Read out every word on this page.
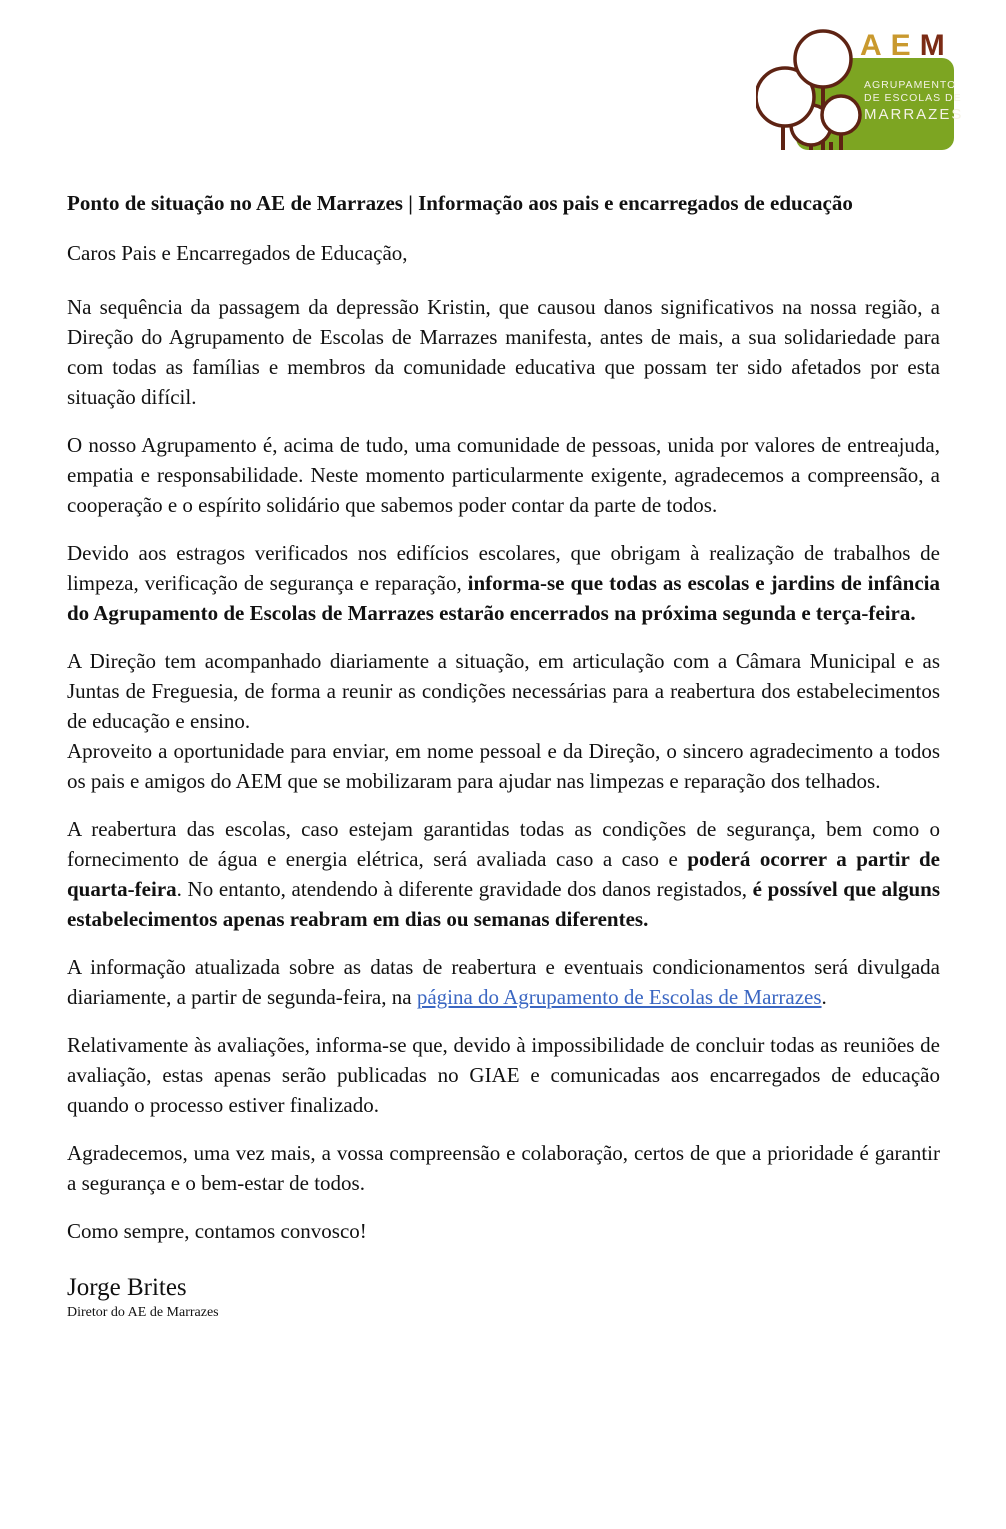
AEM
AGRUPAMENTO
DE ESCOLAS DE
MARRAZES

Ponto de situação no AE de Marrazes | Informação aos pais e encarregados de educação

Caros Pais e Encarregados de Educação,

Na sequência da passagem da depressão Kristin, que causou danos significativos na nossa região, a Direção do Agrupamento de Escolas de Marrazes manifesta, antes de mais, a sua solidariedade para com todas as famílias e membros da comunidade educativa que possam ter sido afetados por esta situação difícil.

O nosso Agrupamento é, acima de tudo, uma comunidade de pessoas, unida por valores de entreajuda, empatia e responsabilidade. Neste momento particularmente exigente, agradecemos a compreensão, a cooperação e o espírito solidário que sabemos poder contar da parte de todos.

Devido aos estragos verificados nos edifícios escolares, que obrigam à realização de trabalhos de limpeza, verificação de segurança e reparação, informa-se que todas as escolas e jardins de infância do Agrupamento de Escolas de Marrazes estarão encerrados na próxima segunda e terça-feira.

A Direção tem acompanhado diariamente a situação, em articulação com a Câmara Municipal e as Juntas de Freguesia, de forma a reunir as condições necessárias para a reabertura dos estabelecimentos de educação e ensino.

Aproveito a oportunidade para enviar, em nome pessoal e da Direção, o sincero agradecimento a todos os pais e amigos do AEM que se mobilizaram para ajudar nas limpezas e reparação dos telhados.

A reabertura das escolas, caso estejam garantidas todas as condições de segurança, bem como o fornecimento de água e energia elétrica, será avaliada caso a caso e poderá ocorrer a partir de quarta-feira. No entanto, atendendo à diferente gravidade dos danos registados, é possível que alguns estabelecimentos apenas reabram em dias ou semanas diferentes.

A informação atualizada sobre as datas de reabertura e eventuais condicionamentos será divulgada diariamente, a partir de segunda-feira, na página do Agrupamento de Escolas de Marrazes.

Relativamente às avaliações, informa-se que, devido à impossibilidade de concluir todas as reuniões de avaliação, estas apenas serão publicadas no GIAE e comunicadas aos encarregados de educação quando o processo estiver finalizado.

Agradecemos, uma vez mais, a vossa compreensão e colaboração, certos de que a prioridade é garantir a segurança e o bem-estar de todos.

Como sempre, contamos convosco!

Jorge Brites

Diretor do AE de Marrazes
